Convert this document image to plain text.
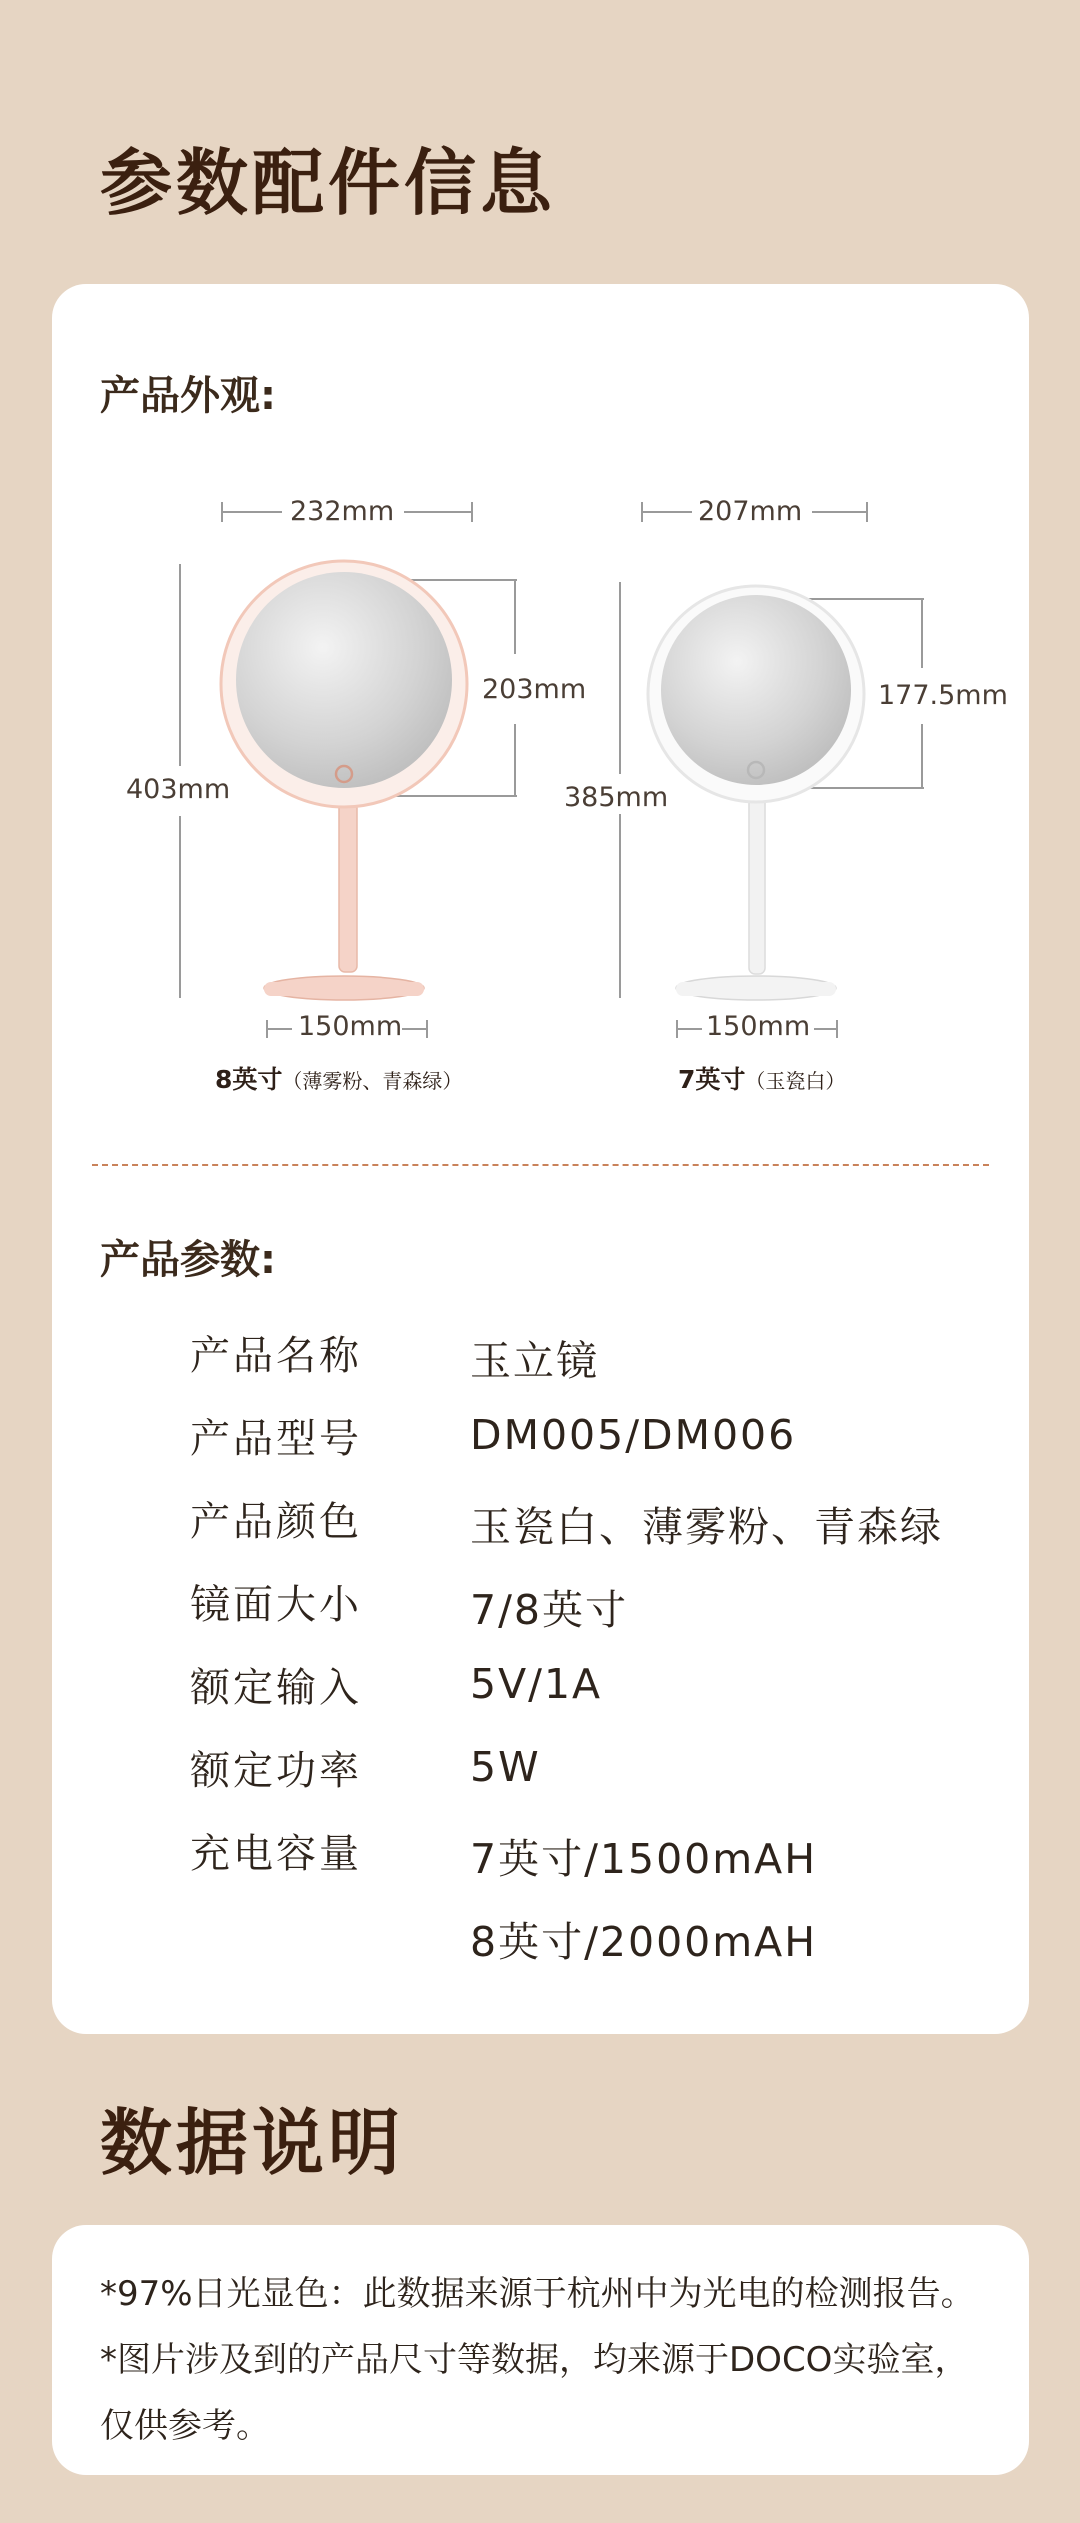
参数配件信息
产品外观:
232mm
203mm
403mm
150mm
8英寸（薄雾粉、青森绿）
207mm
177.5mm
385mm
150mm
7英寸（玉瓷白）
产品参数:
产品名称	玉立镜
产品型号	DM005/DM006
产品颜色	玉瓷白、薄雾粉、青森绿
镜面大小	7/8英寸
额定输入	5V/1A
额定功率	5W
充电容量	7英寸/1500mAH
8英寸/2000mAH
数据说明
*97%日光显色：此数据来源于杭州中为光电的检测报告。*图片涉及到的产品尺寸等数据，均来源于DOCO实验室，仅供参考。
